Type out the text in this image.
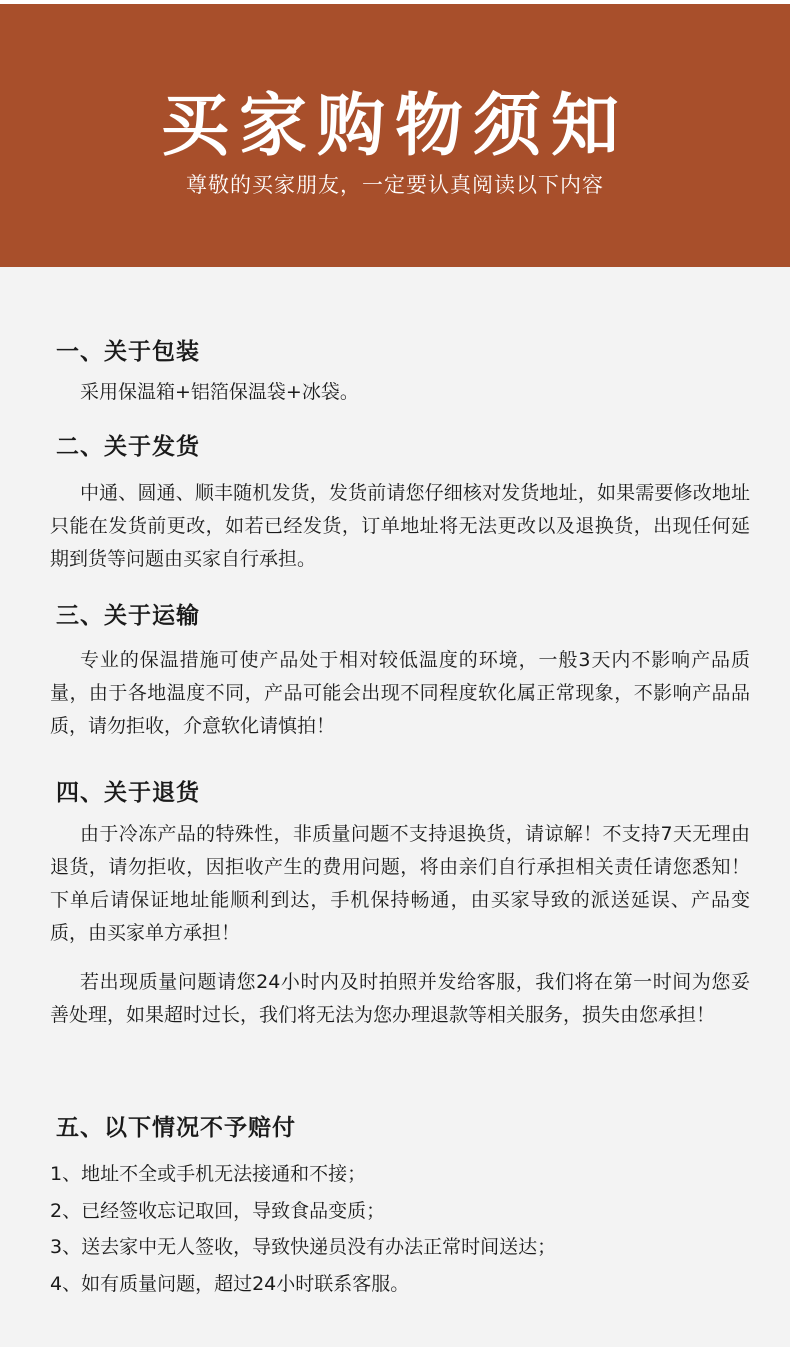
买家购物须知
尊敬的买家朋友，一定要认真阅读以下内容
一、关于包装

采用保温箱+铝箔保温袋+冰袋。

二、关于发货

中通、圆通、顺丰随机发货，发货前请您仔细核对发货地址，如果需要修改地址只能在发货前更改，如若已经发货，订单地址将无法更改以及退换货，出现任何延期到货等问题由买家自行承担。

三、关于运输

专业的保温措施可使产品处于相对较低温度的环境，一般3天内不影响产品质量，由于各地温度不同，产品可能会出现不同程度软化属正常现象，不影响产品品质，请勿拒收，介意软化请慎拍！

四、关于退货

由于冷冻产品的特殊性，非质量问题不支持退换货，请谅解！不支持7天无理由退货，请勿拒收，因拒收产生的费用问题，将由亲们自行承担相关责任请您悉知！下单后请保证地址能顺利到达，手机保持畅通，由买家导致的派送延误、产品变质，由买家单方承担！

若出现质量问题请您24小时内及时拍照并发给客服，我们将在第一时间为您妥善处理，如果超时过长，我们将无法为您办理退款等相关服务，损失由您承担！

五、以下情况不予赔付
1、地址不全或手机无法接通和不接；
2、已经签收忘记取回，导致食品变质；
3、送去家中无人签收，导致快递员没有办法正常时间送达；
4、如有质量问题，超过24小时联系客服。
